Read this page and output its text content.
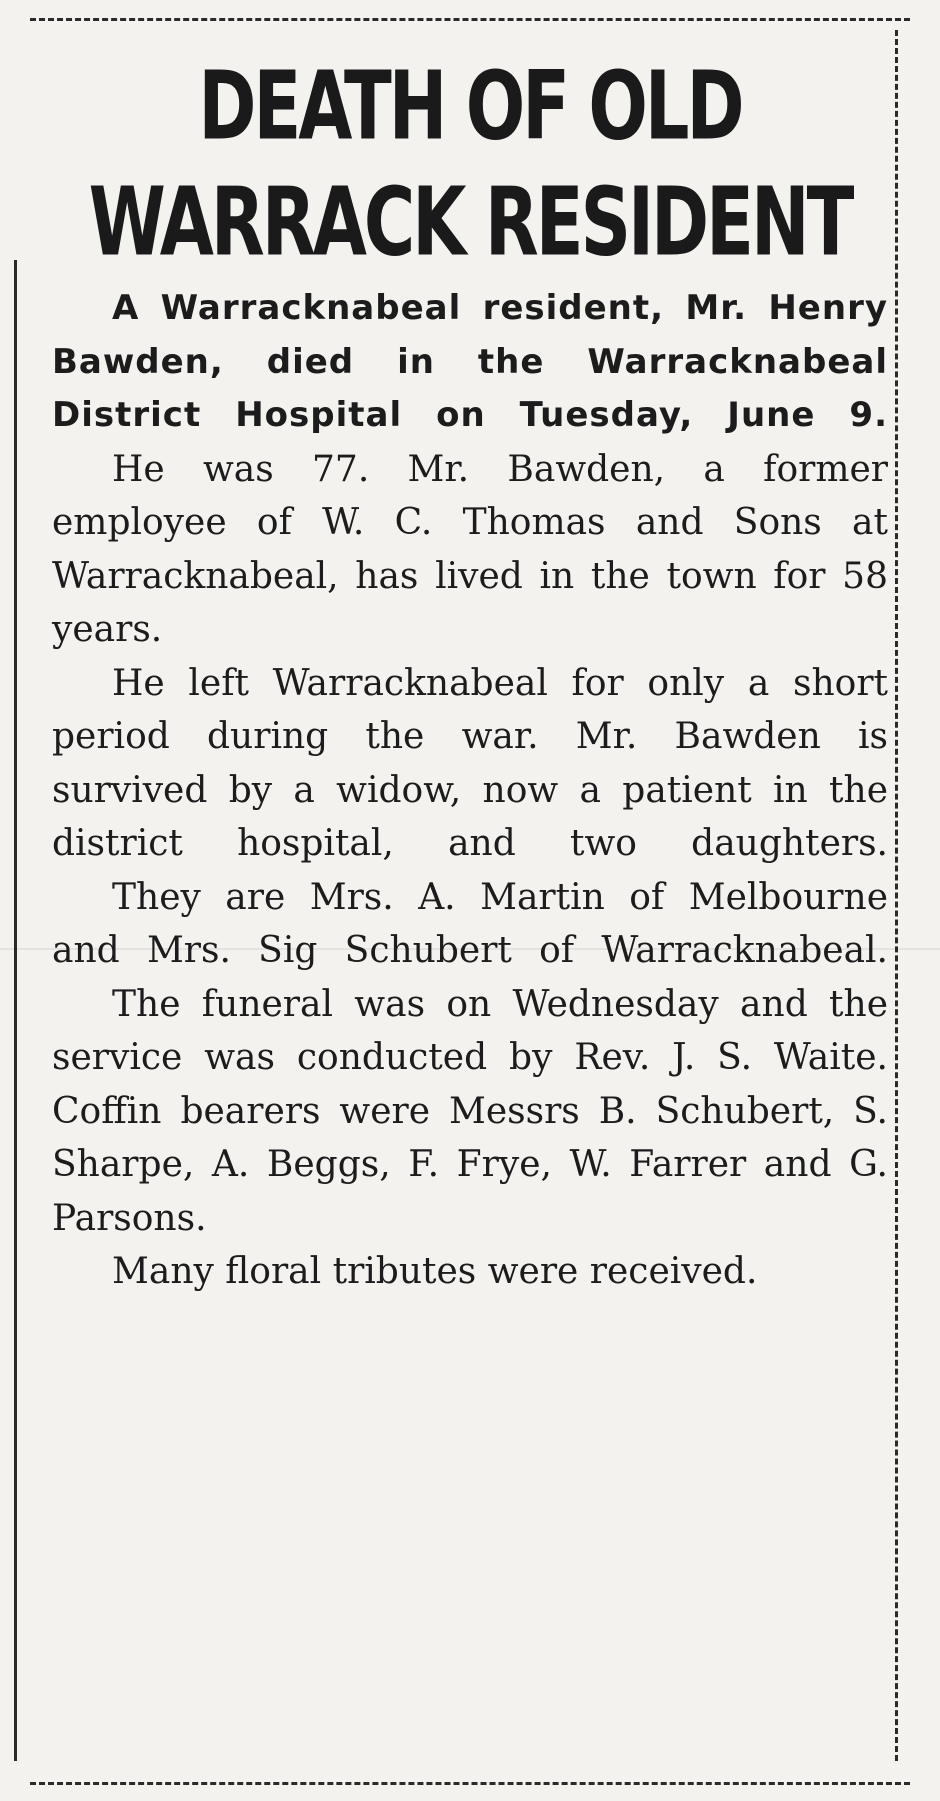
DEATH OF OLD
WARRACK RESIDENT

A Warracknabeal resident, Mr. Henry Bawden, died in the Warracknabeal District Hospital on Tuesday, June 9.

He was 77. Mr. Bawden, a former employee of W. C. Thomas and Sons at Warracknabeal, has lived in the town for 58 years.

He left Warracknabeal for only a short period during the war. Mr. Bawden is survived by a widow, now a patient in the district hospital, and two daughters.

They are Mrs. A. Martin of Melbourne and Mrs. Sig Schubert of Warracknabeal.

The funeral was on Wednesday and the service was conducted by Rev. J. S. Waite. Coffin bearers were Messrs B. Schubert, S. Sharpe, A. Beggs, F. Frye, W. Farrer and G. Parsons.

Many floral tributes were received.
